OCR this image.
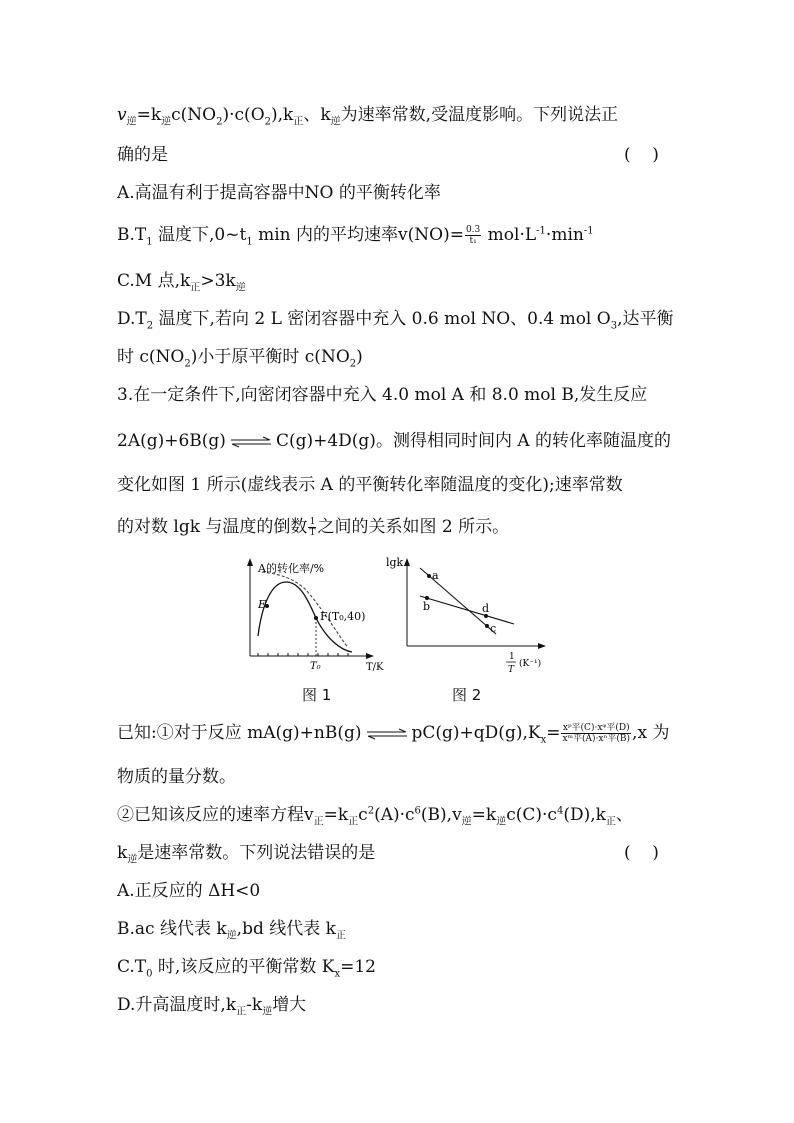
$v_逆=k_逆c(NO_2)\cdot c(O_2),k_正$、$k_逆$为速率常数,受温度影响。下列说法正
确的是	(    )
A.高温有利于提高容器中NO 的平衡转化率
$B.T_1$ 温度下$,0\sim t_1$ min 内的平均速率$v(NO)= \frac{0.3}{\text{t₁}} mol\cdot L^{-1}\cdot\min^{-1}$
C.M 点$,k_正>3k_逆$
$D.T_2$ 温度下,若向 2 L 密闭容器中充入 0.6 mol NO、0.4 mol $O_3$,达平衡
时 $c(NO_2)$小于原平衡时 $c(NO_2)$
3.在一定条件下,向密闭容器中充入 4.0 mol A 和 8.0 mol B,发生反应
2A(g)+6B(g) ⇌ C(g)+4D(g)。测得相同时间内 A 的转化率随温度的
变化如图 1 所示(虚线表示 A 的平衡转化率随温度的变化);速率常数
的对数 lgk 与温度的倒数 $\frac{1}{T}$ 之间的关系如图 2 所示。
A的转化率/%
E
F(T₀,40)
T₀	T/K
lgk
a
b
c
d
1
T
(K⁻¹)
图 1	图 2
已知:①对于反应 mA(g)+nB(g) ⇌ $pC(g)+qD(g),K_x= \frac{\text{xᵖ平(C)·xᵠ平(D)}}{\text{xᵐ平(A)·xⁿ平(B)}} ,x$ 为
物质的量分数。
②已知该反应的速率方程$v_正=k_正c^2(A)\cdot c^6(B),v_逆=k_逆c(C)\cdot c^4(D),k_正$、
$k_逆$是速率常数。下列说法错误的是	(    )
A.正反应的 ΔH<0
B.ac 线代表 $k_逆,bd$ 线代表 $k_正$
$C.T_0$ 时,该反应的平衡常数 $K_x=12$
D.升高温度时$,k_正-k_逆$增大
